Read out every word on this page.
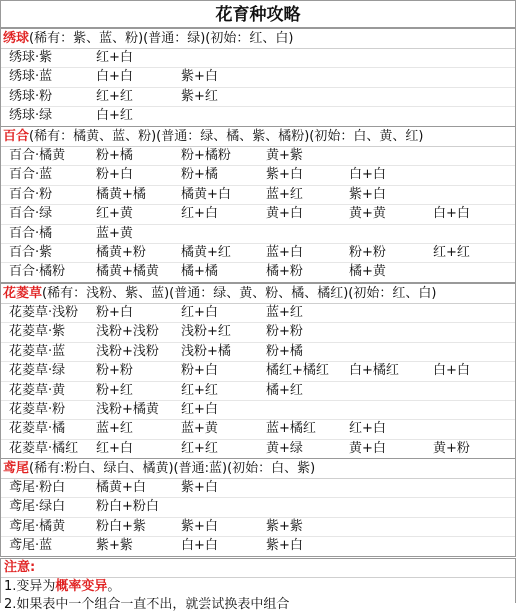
花育种攻略
绣球(稀有：紫、蓝、粉)(普通：绿)(初始：红、白)
绣球·紫	红+白
绣球·蓝	白+白	紫+白
绣球·粉	红+红	紫+红
绣球·绿	白+红
百合(稀有：橘黄、蓝、粉)(普通：绿、橘、紫、橘粉)(初始：白、黄、红)
百合·橘黄 粉+橘	粉+橘粉	黄+紫
百合·蓝	粉+白	粉+橘	紫+白	白+白
百合·粉	橘黄+橘	橘黄+白	蓝+红	紫+白
百合·绿	红+黄	红+白	黄+白	黄+黄	白+白
百合·橘	蓝+黄
百合·紫	橘黄+粉	橘黄+红	蓝+白	粉+粉	红+红
百合·橘粉 橘黄+橘黄 橘+橘	橘+粉	橘+黄
花菱草(稀有：浅粉、紫、蓝)(普通：绿、黄、粉、橘、橘红)(初始：红、白)
花菱草·浅粉 粉+白	红+白	蓝+红
花菱草·紫 浅粉+浅粉 浅粉+红	粉+粉
花菱草·蓝 浅粉+浅粉 浅粉+橘	粉+橘
花菱草·绿 粉+粉	粉+白	橘红+橘红 白+橘红	白+白
花菱草·黄 粉+红	红+红	橘+红
花菱草·粉 浅粉+橘黄 红+白
花菱草·橘 蓝+红	蓝+黄	蓝+橘红	红+白
花菱草·橘红 红+白	红+红	黄+绿	黄+白	黄+粉
鸢尾(稀有:粉白、绿白、橘黄)(普通:蓝)(初始：白、紫)
鸢尾·粉白 橘黄+白	紫+白
鸢尾·绿白 粉白+粉白
鸢尾·橘黄 粉白+紫	紫+白	紫+紫
鸢尾·蓝	紫+紫	白+白	紫+白
注意:
1.变异为概率变异。
2.如果表中一个组合一直不出，就尝试换表中组合
